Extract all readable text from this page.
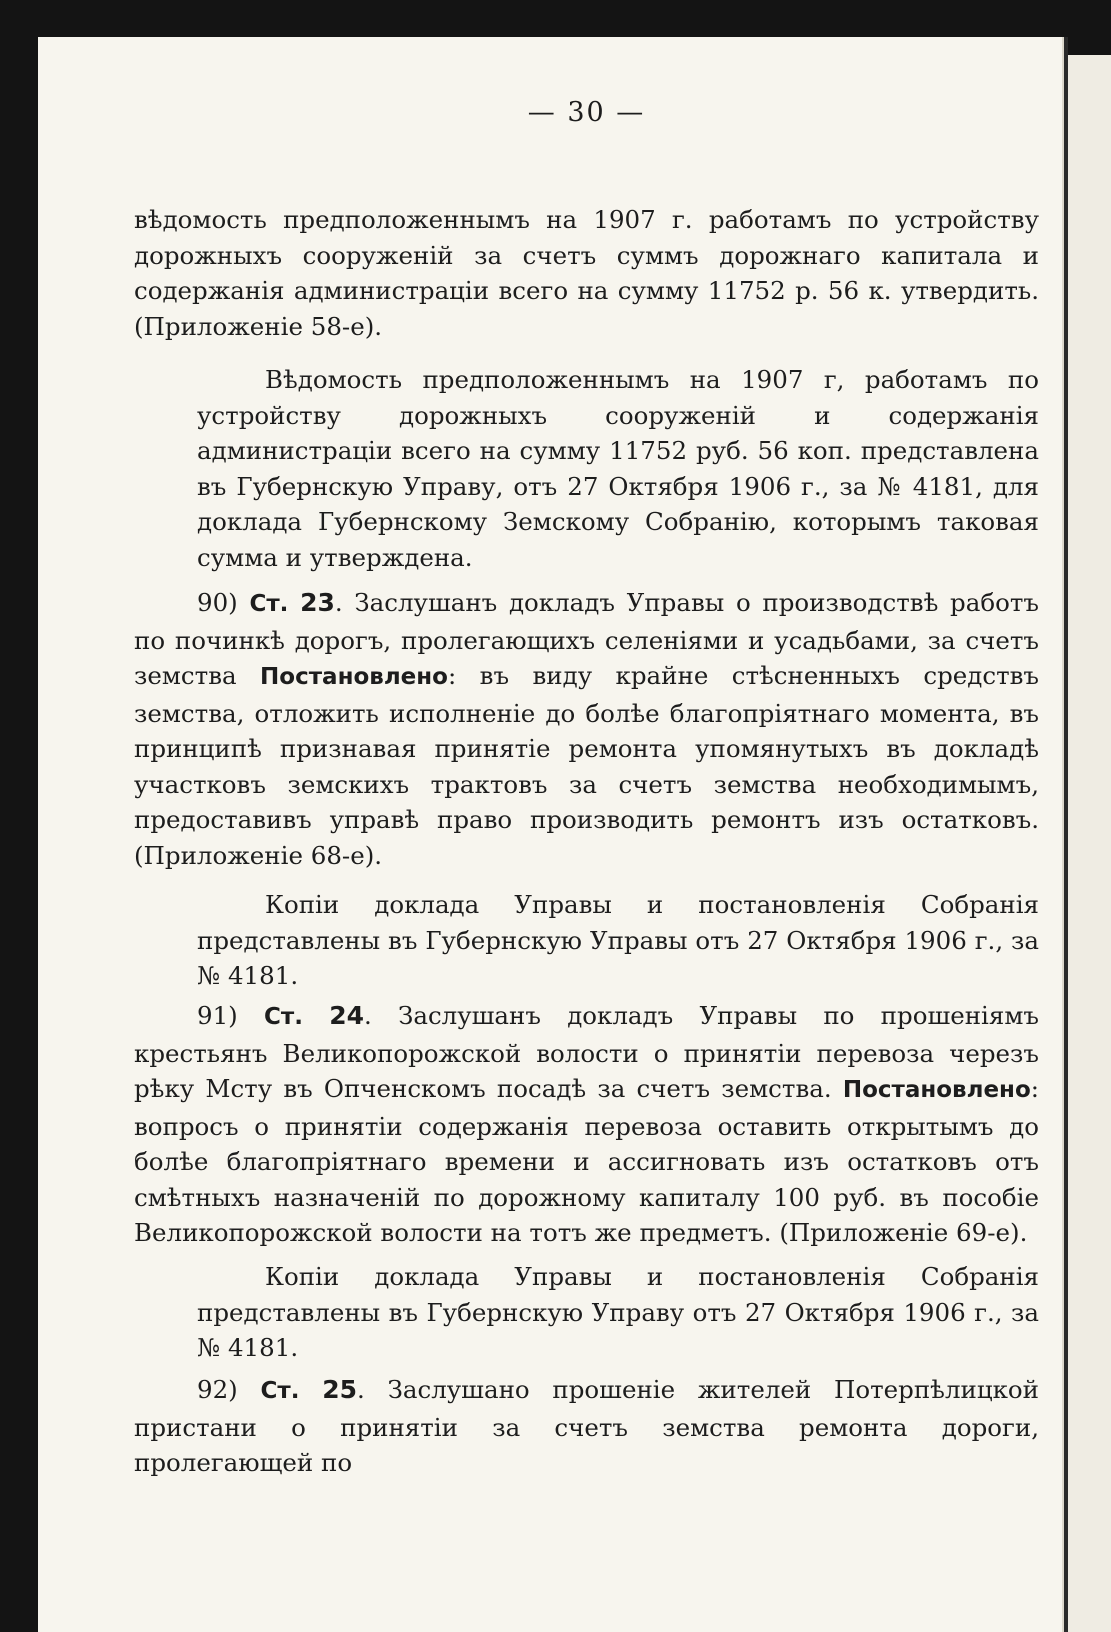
— 30 —
вѣдомость предположеннымъ на 1907 г. работамъ по устройству дорожныхъ сооруженій за счетъ суммъ дорожнаго капитала и содержанія администраціи всего на сумму 11752 р. 56 к. утвердить. (Приложеніе 58-е).
Вѣдомость предположеннымъ на 1907 г, работамъ по устройству дорожныхъ сооруженій и содержанія администраціи всего на сумму 11752 руб. 56 коп. представлена въ Губернскую Управу, отъ 27 Октября 1906 г., за № 4181, для доклада Губернскому Земскому Собранію, которымъ таковая сумма и утверждена.
90) Ст. 23. Заслушанъ докладъ Управы о производствѣ работъ по починкѣ дорогъ, пролегающихъ селеніями и усадьбами, за счетъ земства Постановлено: въ виду крайне стѣсненныхъ средствъ земства, отложить исполненіе до болѣе благопріятнаго момента, въ принципѣ признавая принятіе ремонта упомянутыхъ въ докладѣ участковъ земскихъ трактовъ за счетъ земства необходимымъ, предоставивъ управѣ право производить ремонтъ изъ остатковъ. (Приложеніе 68-е).
Копіи доклада Управы и постановленія Собранія представлены въ Губернскую Управы отъ 27 Октября 1906 г., за № 4181.
91) Ст. 24. Заслушанъ докладъ Управы по прошеніямъ крестьянъ Великопорожской волости о принятіи перевоза черезъ рѣку Мсту въ Опченскомъ посадѣ за счетъ земства. Постановлено: вопросъ о принятіи содержанія перевоза оставить открытымъ до болѣе благопріятнаго времени и ассигновать изъ остатковъ отъ смѣтныхъ назначеній по дорожному капиталу 100 руб. въ пособіе Великопорожской волости на тотъ же предметъ. (Приложеніе 69-е).
Копіи доклада Управы и постановленія Собранія представлены въ Губернскую Управу отъ 27 Октября 1906 г., за № 4181.
92) Ст. 25. Заслушано прошеніе жителей Потерпѣлицкой пристани о принятіи за счетъ земства ремонта дороги, пролегающей по
